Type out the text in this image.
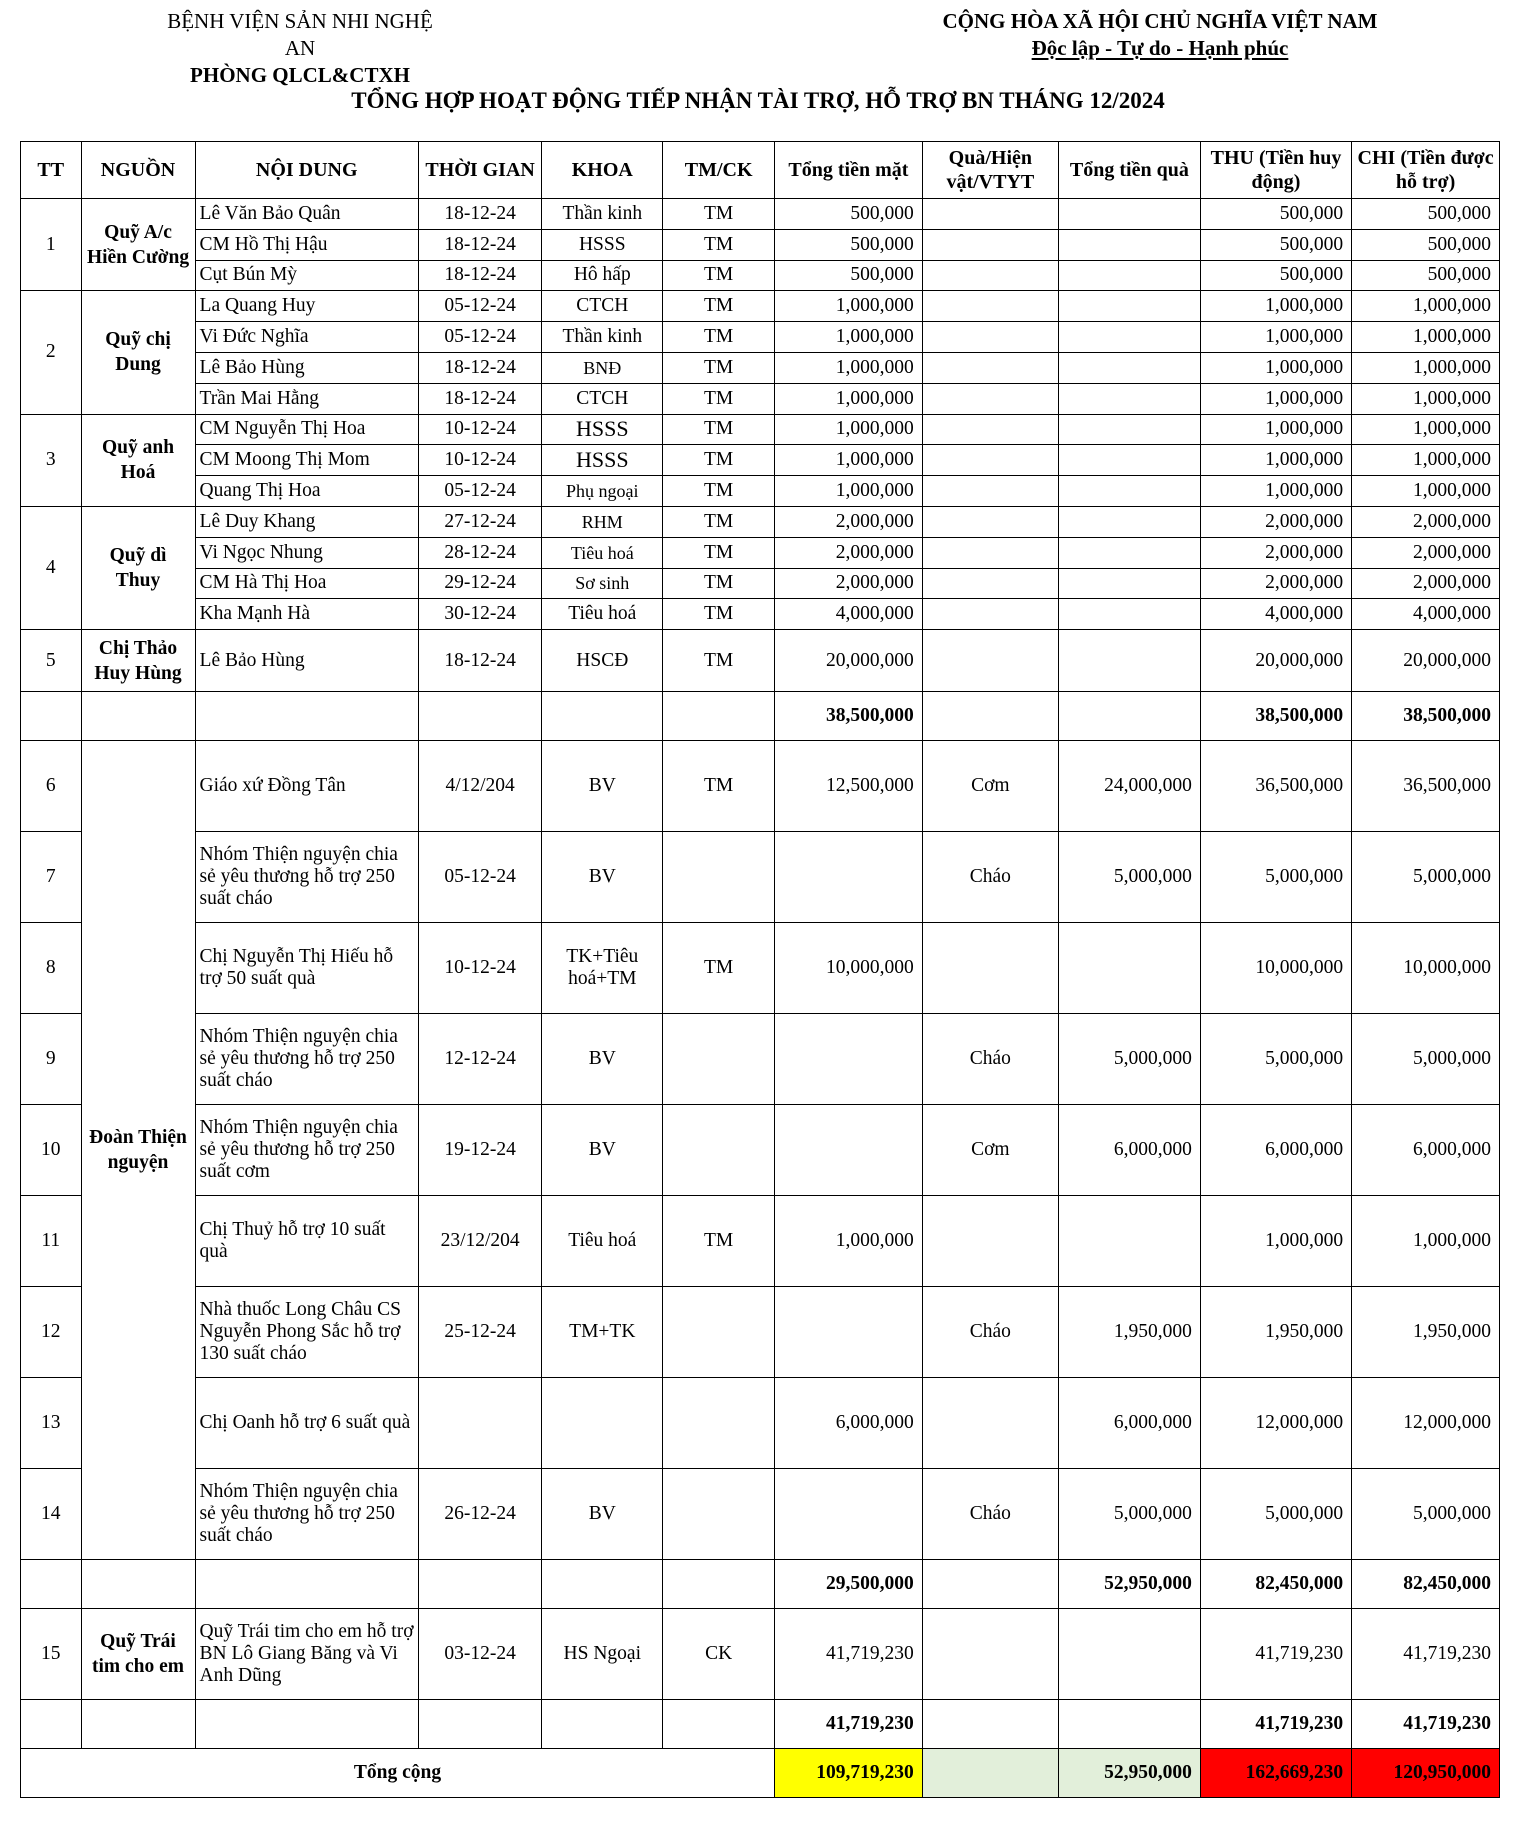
BỆNH VIỆN SẢN NHI NGHỆ AN
PHÒNG QLCL&CTXH
CỘNG HÒA XÃ HỘI CHỦ NGHĨA VIỆT NAM
Độc lập - Tự do - Hạnh phúc
TỔNG HỢP HOẠT ĐỘNG TIẾP NHẬN TÀI TRỢ, HỖ TRỢ BN THÁNG 12/2024
TT	NGUỒN	NỘI DUNG	THỜI GIAN	KHOA	TM/CK	Tổng tiền mặt	Quà/Hiện vật/VTYT	Tổng tiền quà	THU (Tiền huy động)	CHI (Tiền được hỗ trợ)
1	Quỹ A/c Hiền Cường	Lê Văn Bảo Quân	18-12-24	Thần kinh	TM	500,000			500,000	500,000
		CM Hồ Thị Hậu	18-12-24	HSSS	TM	500,000			500,000	500,000
		Cụt Bún Mỳ	18-12-24	Hô hấp	TM	500,000			500,000	500,000
2	Quỹ chị Dung	La Quang Huy	05-12-24	CTCH	TM	1,000,000			1,000,000	1,000,000
		Vi Đức Nghĩa	05-12-24	Thần kinh	TM	1,000,000			1,000,000	1,000,000
		Lê Bảo Hùng	18-12-24	BNĐ	TM	1,000,000			1,000,000	1,000,000
		Trần Mai Hằng	18-12-24	CTCH	TM	1,000,000			1,000,000	1,000,000
3	Quỹ anh Hoá	CM Nguyễn Thị Hoa	10-12-24	HSSS	TM	1,000,000			1,000,000	1,000,000
		CM Moong Thị Mom	10-12-24	HSSS	TM	1,000,000			1,000,000	1,000,000
		Quang Thị Hoa	05-12-24	Phụ ngoại	TM	1,000,000			1,000,000	1,000,000
4	Quỹ dì Thuy	Lê Duy Khang	27-12-24	RHM	TM	2,000,000			2,000,000	2,000,000
		Vi Ngọc Nhung	28-12-24	Tiêu hoá	TM	2,000,000			2,000,000	2,000,000
		CM Hà Thị Hoa	29-12-24	Sơ sinh	TM	2,000,000			2,000,000	2,000,000
		Kha Mạnh Hà	30-12-24	Tiêu hoá	TM	4,000,000			4,000,000	4,000,000
5	Chị Thảo Huy Hùng	Lê Bảo Hùng	18-12-24	HSCĐ	TM	20,000,000			20,000,000	20,000,000
						38,500,000			38,500,000	38,500,000
6	Đoàn Thiện nguyện	Giáo xứ Đồng Tân	4/12/204	BV	TM	12,500,000	Cơm	24,000,000	36,500,000	36,500,000
7		Nhóm Thiện nguyện chia sẻ yêu thương hỗ trợ 250 suất cháo	05-12-24	BV			Cháo	5,000,000	5,000,000	5,000,000
8		Chị Nguyễn Thị Hiếu hỗ trợ 50 suất quà	10-12-24	TK+Tiêu hoá+TM	TM	10,000,000			10,000,000	10,000,000
9		Nhóm Thiện nguyện chia sẻ yêu thương hỗ trợ 250 suất cháo	12-12-24	BV			Cháo	5,000,000	5,000,000	5,000,000
10		Nhóm Thiện nguyện chia sẻ yêu thương hỗ trợ 250 suất cơm	19-12-24	BV			Cơm	6,000,000	6,000,000	6,000,000
11		Chị Thuỷ hỗ trợ 10 suất quà	23/12/204	Tiêu hoá	TM	1,000,000			1,000,000	1,000,000
12		Nhà thuốc Long Châu CS Nguyễn Phong Sắc hỗ trợ 130 suất cháo	25-12-24	TM+TK			Cháo	1,950,000	1,950,000	1,950,000
13		Chị Oanh hỗ trợ 6 suất quà				6,000,000		6,000,000	12,000,000	12,000,000
14		Nhóm Thiện nguyện chia sẻ yêu thương hỗ trợ 250 suất cháo	26-12-24	BV			Cháo	5,000,000	5,000,000	5,000,000
						29,500,000		52,950,000	82,450,000	82,450,000
15	Quỹ Trái tim cho em	Quỹ Trái tim cho em hỗ trợ BN Lô Giang Băng và Vi Anh Dũng	03-12-24	HS Ngoại	CK	41,719,230			41,719,230	41,719,230
						41,719,230			41,719,230	41,719,230
Tổng cộng						109,719,230		52,950,000	162,669,230	120,950,000
